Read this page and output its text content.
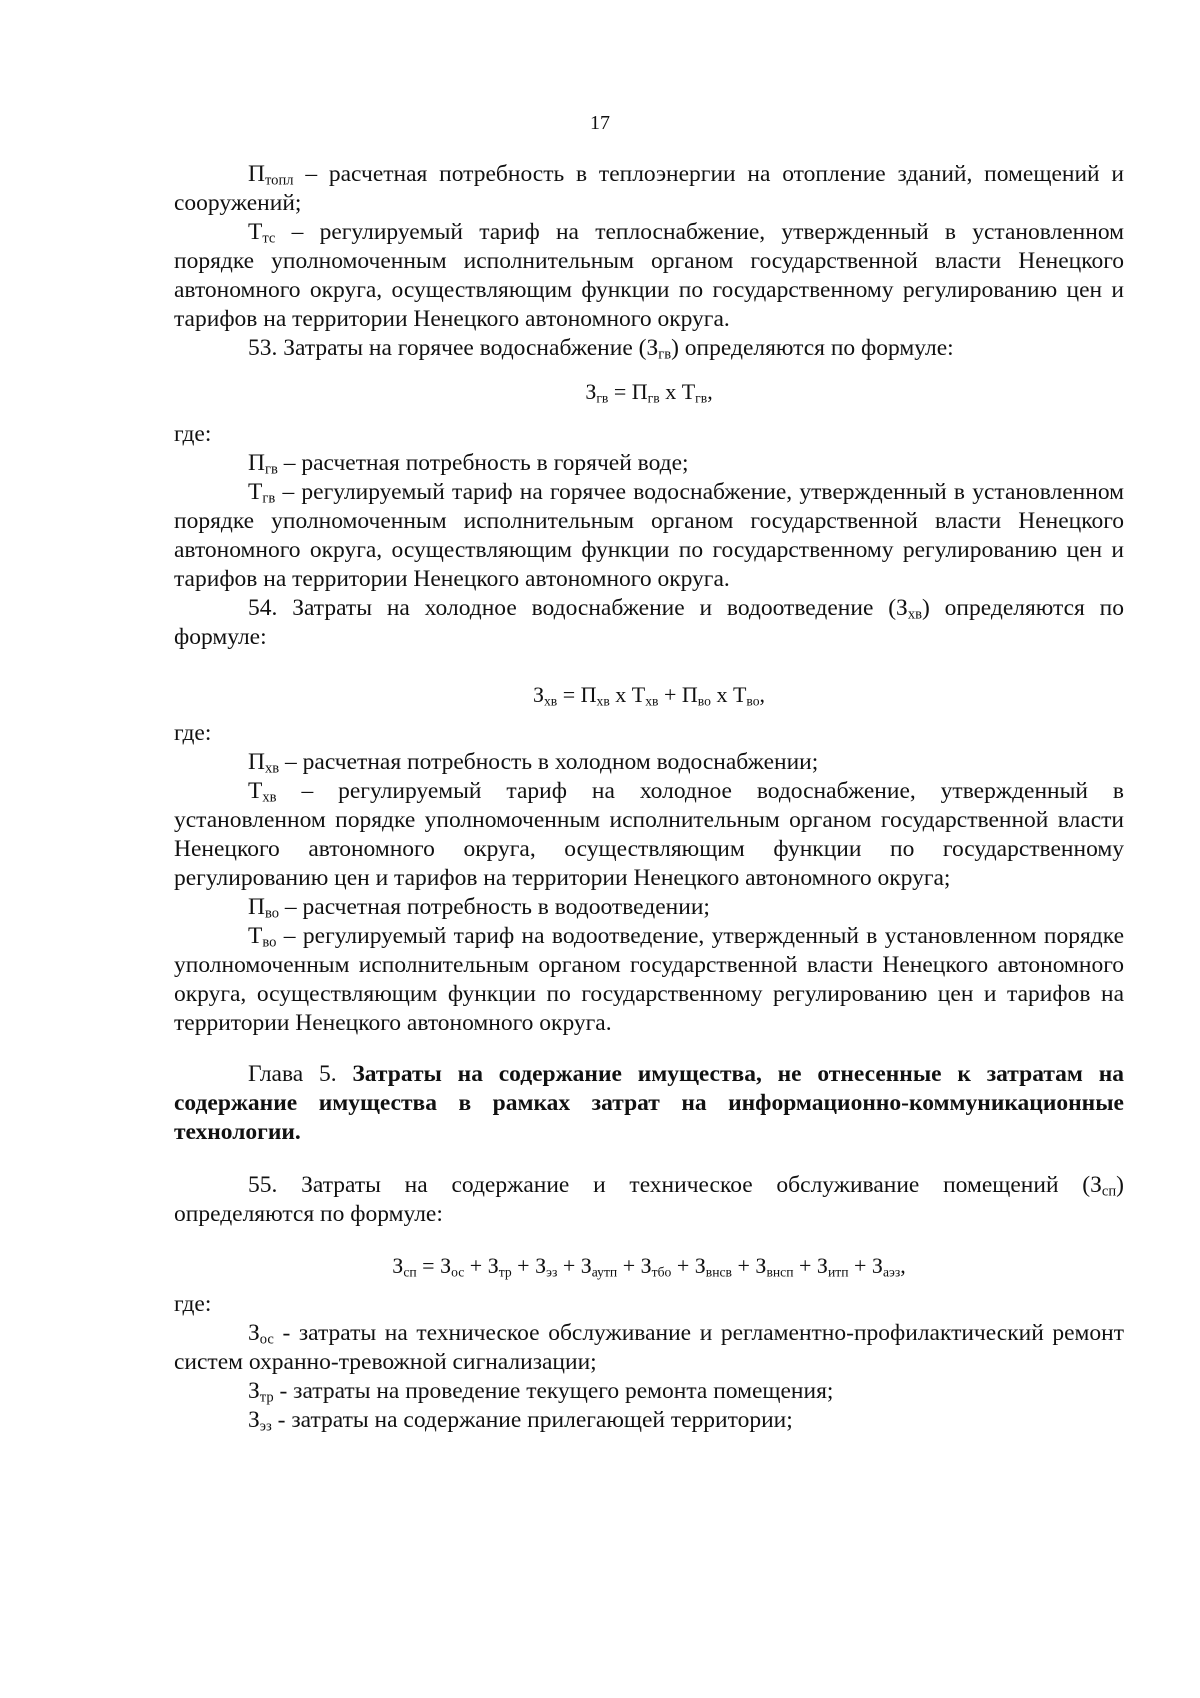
17

$П_{топл}$ – расчетная потребность в теплоэнергии на отопление зданий, помещений и сооружений;

$Т_{тс}$ – регулируемый тариф на теплоснабжение, утвержденный в установленном порядке уполномоченным исполнительным органом государственной власти Ненецкого автономного округа, осуществляющим функции по государственному регулированию цен и тарифов на территории Ненецкого автономного округа.

53. Затраты на горячее водоснабжение $(З_{гв})$ определяются по формуле:

$З_{гв} = П_{гв}$ x $Т_{гв}$,

где:

$П_{гв}$ – расчетная потребность в горячей воде;

$Т_{гв}$ – регулируемый тариф на горячее водоснабжение, утвержденный в установленном порядке уполномоченным исполнительным органом государственной власти Ненецкого автономного округа, осуществляющим функции по государственному регулированию цен и тарифов на территории Ненецкого автономного округа.

54. Затраты на холодное водоснабжение и водоотведение $(З_{хв})$ определяются по формуле:

$З_{хв} = П_{хв}$ x $Т_{хв} + П_{во}$ x $Т_{во}$,

где:

$П_{хв}$ – расчетная потребность в холодном водоснабжении;

$Т_{хв}$ – регулируемый тариф на холодное водоснабжение, утвержденный в установленном порядке уполномоченным исполнительным органом государственной власти Ненецкого автономного округа, осуществляющим функции по государственному регулированию цен и тарифов на территории Ненецкого автономного округа;

$П_{во}$ – расчетная потребность в водоотведении;

$Т_{во}$ – регулируемый тариф на водоотведение, утвержденный в установленном порядке уполномоченным исполнительным органом государственной власти Ненецкого автономного округа, осуществляющим функции по государственному регулированию цен и тарифов на территории Ненецкого автономного округа.

Глава 5. Затраты на содержание имущества, не отнесенные к затратам на содержание имущества в рамках затрат на информационно-коммуникационные технологии.

55. Затраты на содержание и техническое обслуживание помещений $(З_{сп})$ определяются по формуле:

$З_{сп} = З_{ос} + З_{тр} + З_{эз} + З_{аутп} + З_{тбо} + З_{внсв} + З_{внсп} + З_{итп} + З_{аэз}$,

где:

$З_{ос}$ - затраты на техническое обслуживание и регламентно-профилактический ремонт систем охранно-тревожной сигнализации;

$З_{тр}$ - затраты на проведение текущего ремонта помещения;

$З_{эз}$ - затраты на содержание прилегающей территории;
